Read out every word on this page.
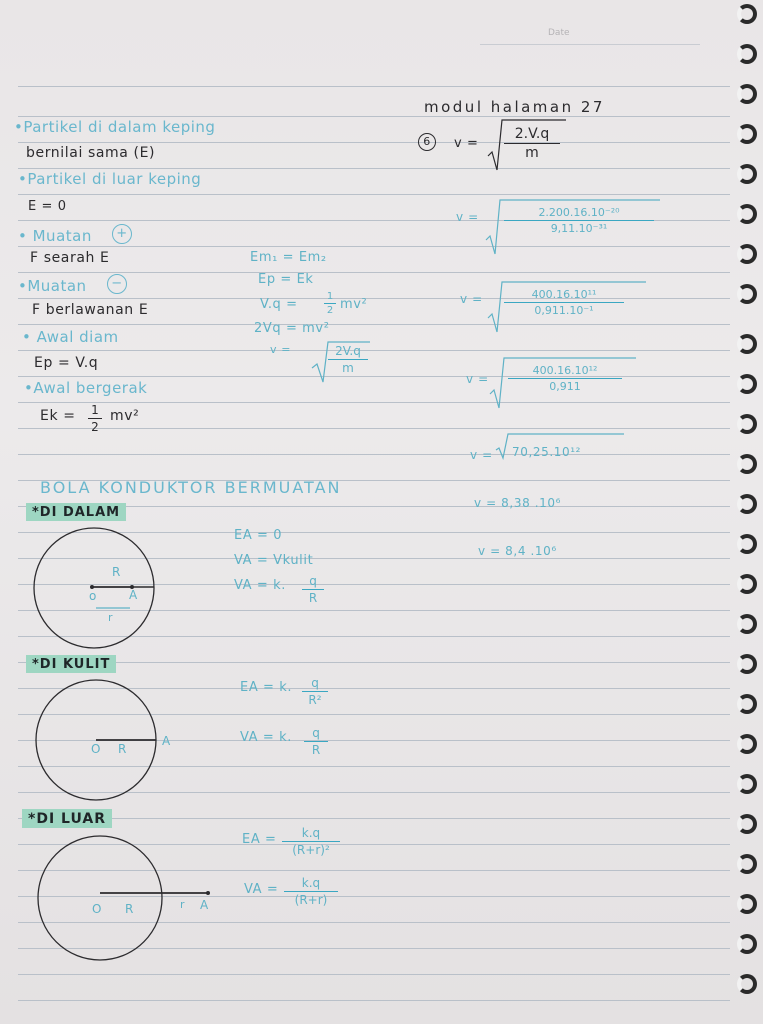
Date
modul halaman 27
•Partikel di dalam keping
bernilai sama (E)
•Partikel di luar keping
E = 0
• Muatan	+
F searah E
•Muatan	−
F berlawanan E
• Awal diam
Ep = V.q
•Awal bergerak
Ek = 1
2
mv²
Em₁ = Em₂
Ep = Ek
V.q =
1
2 mv²
2Vq = mv²
v =	2V.q
m
6	v =
2.V.q
m
v =	2.200.16.10⁻²⁰
9,11.10⁻³¹
v =	400.16.10¹¹
0,911.10⁻¹
v =
400.16.10¹²
0,911
v = 70,25.10¹²
v = 8,38 .10⁶
v = 8,4 .10⁶
BOLA KONDUKTOR BERMUATAN
*DI DALAM
R
o	A
r
EA = 0
VA = Vkulit
VA = k.	q
R
*DI KULIT
O R
A
EA = k.	q
R²
VA = k.	q
R
*DI LUAR
O R	r A
EA =	k.q
(R+r)²
VA =	k.q
(R+r)
